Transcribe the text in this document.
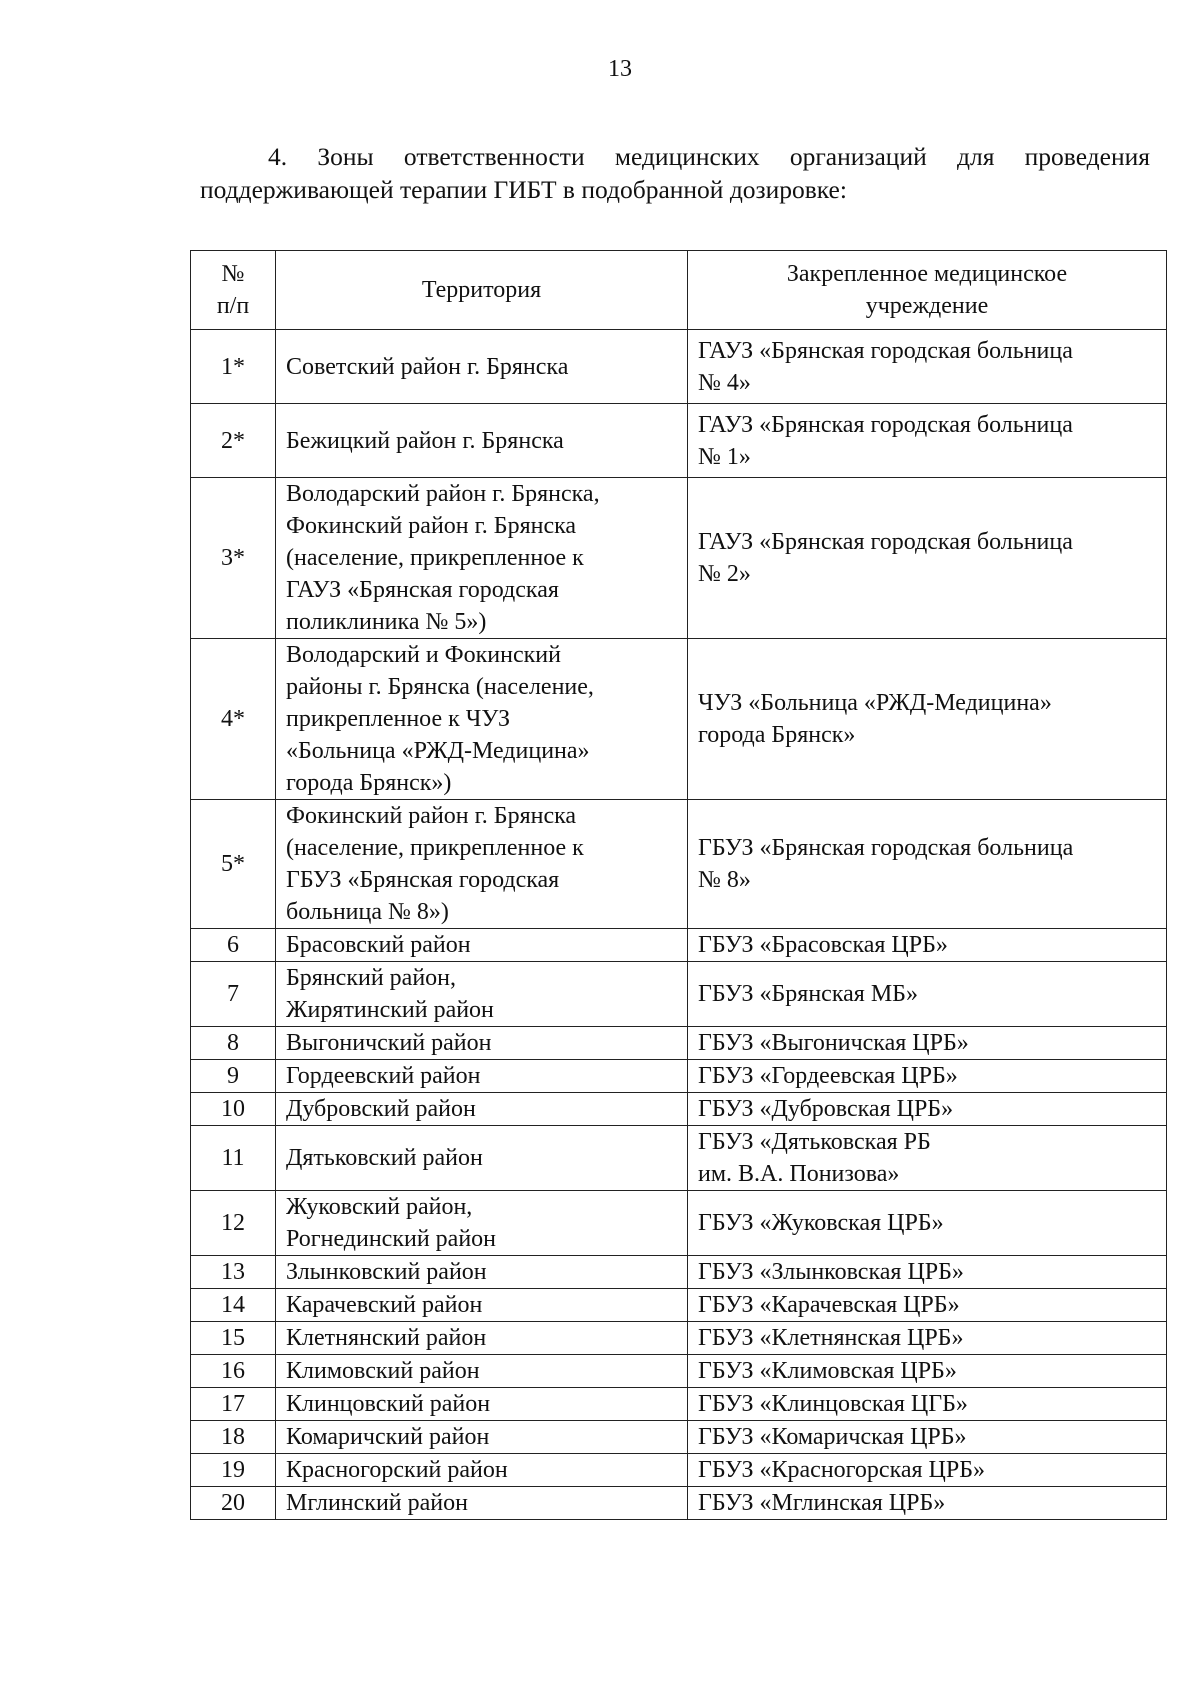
13
4. Зоны ответственности медицинских организаций для проведения
поддерживающей терапии ГИБТ в подобранной дозировке:
№
п/п	Территория	Закрепленное медицинское
учреждение
1*	Советский район г. Брянска	ГАУЗ «Брянская городская больница
№ 4»
2*	Бежицкий район г. Брянска	ГАУЗ «Брянская городская больница
№ 1»
3*	Володарский район г. Брянска,
Фокинский район г. Брянска
(население, прикрепленное к
ГАУЗ «Брянская городская
поликлиника № 5»)	ГАУЗ «Брянская городская больница
№ 2»
4*	Володарский и Фокинский
районы г. Брянска (население,
прикрепленное к ЧУЗ
«Больница «РЖД-Медицина»
города Брянск»)	ЧУЗ «Больница «РЖД-Медицина»
города Брянск»
5*	Фокинский район г. Брянска
(население, прикрепленное к
ГБУЗ «Брянская городская
больница № 8»)	ГБУЗ «Брянская городская больница
№ 8»
6	Брасовский район	ГБУЗ «Брасовская ЦРБ»
7	Брянский район,
Жирятинский район	ГБУЗ «Брянская МБ»
8	Выгоничский район	ГБУЗ «Выгоничская ЦРБ»
9	Гордеевский район	ГБУЗ «Гордеевская ЦРБ»
10	Дубровский район	ГБУЗ «Дубровская ЦРБ»
11	Дятьковский район	ГБУЗ «Дятьковская РБ
им. В.А. Понизова»
12	Жуковский район,
Рогнединский район	ГБУЗ «Жуковская ЦРБ»
13	Злынковский район	ГБУЗ «Злынковская ЦРБ»
14	Карачевский район	ГБУЗ «Карачевская ЦРБ»
15	Клетнянский район	ГБУЗ «Клетнянская ЦРБ»
16	Климовский район	ГБУЗ «Климовская ЦРБ»
17	Клинцовский район	ГБУЗ «Клинцовская ЦГБ»
18	Комаричский район	ГБУЗ «Комаричская ЦРБ»
19	Красногорский район	ГБУЗ «Красногорская ЦРБ»
20	Мглинский район	ГБУЗ «Мглинская ЦРБ»
